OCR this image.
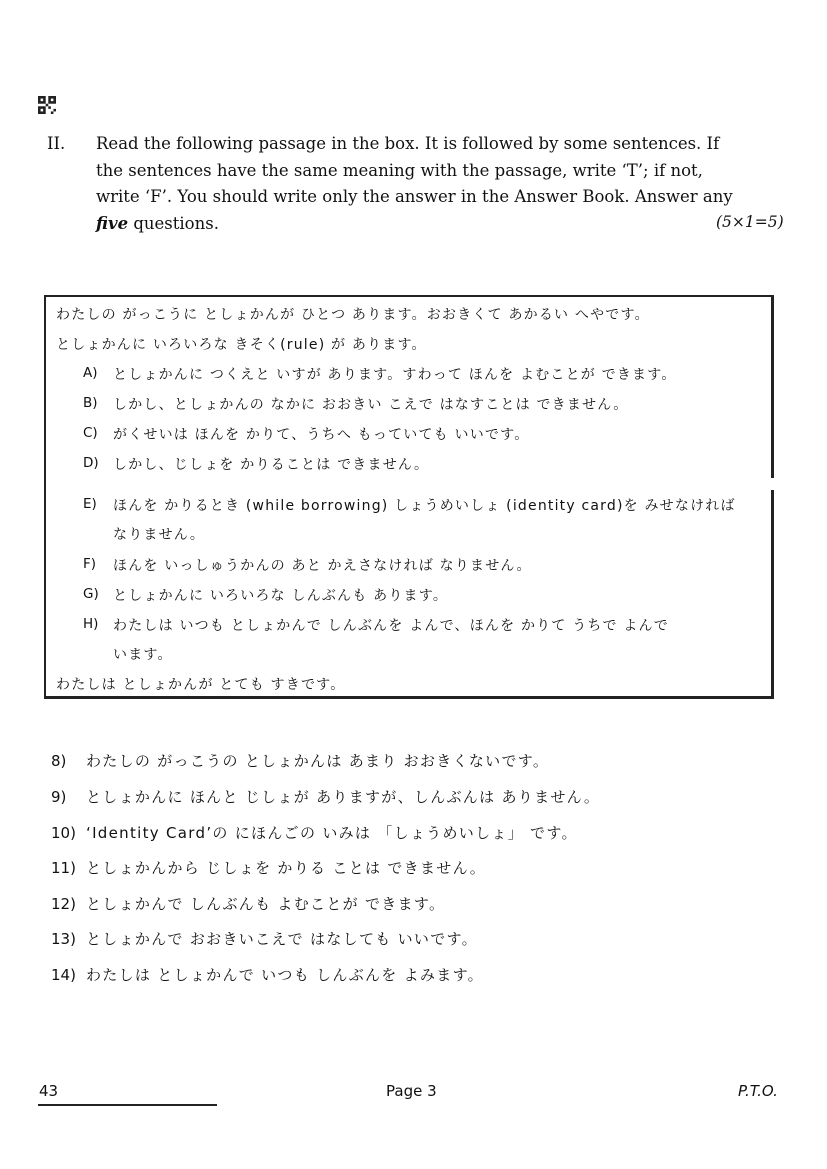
II. Read the following passage in the box. It is followed by some sentences. If the sentences have the same meaning with the passage, write ‘T’; if not, write ‘F’. You should write only the answer in the Answer Book. Answer any five questions.	(5×1=5)
わたしの がっこうに としょかんが ひとつ あります。おおきくて あかるい へやです。
としょかんに いろいろな きそく(rule) が あります。
A) としょかんに つくえと いすが あります。すわって ほんを よむことが できます。
B) しかし、としょかんの なかに おおきい こえで はなすことは できません。
C) がくせいは ほんを かりて、うちへ もっていても いいです。
D) しかし、じしょを かりることは できません。
E) ほんを かりるとき (while borrowing) しょうめいしょ (identity card)を みせなければ
なりません。
F) ほんを いっしゅうかんの あと かえさなければ なりません。
G) としょかんに いろいろな しんぶんも あります。
H) わたしは いつも としょかんで しんぶんを よんで、ほんを かりて うちで よんで
います。
わたしは としょかんが とても すきです。
8) わたしの がっこうの としょかんは あまり おおきくないです。
9) としょかんに ほんと じしょが ありますが、しんぶんは ありません。
10) ‘Identity Card’の にほんごの いみは 「しょうめいしょ」 です。
11) としょかんから じしょを かりる ことは できません。
12) としょかんで しんぶんも よむことが できます。
13) としょかんで おおきいこえで はなしても いいです。
14) わたしは としょかんで いつも しんぶんを よみます。
43	Page 3	P.T.O.
